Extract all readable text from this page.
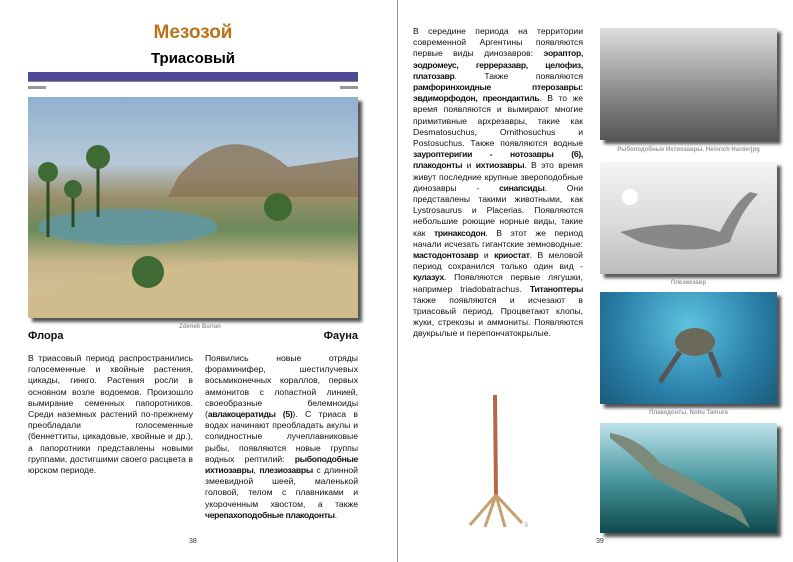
Мезозой
Триасовый
Zdenek Burian
Флора	Фауна
В триасовый период распространились голосеменные и хвойные растения, цикады, гинкго. Растения росли в основном возле водоемов. Произошло вымирание семенных папоротников. Среди наземных растений по-прежнему преобладали голосеменные (беннеттиты, цикадовые, хвойные и др.), а папоротники представлены новыми группами, достигшими своего расцвета в юрском периоде.
Появились новые отряды фораминифер, шестилучевых восьмиконечных кораллов, первых аммонитов с лопастной линией, своеобразные белемноиды (авлакоцератиды (5)). С триаса в водах начинают преобладать акулы и солидностные лучеплавниковые рыбы, появляются новые группы водных рептилий: рыбоподобные ихтиозавры, плезиозавры с длинной змеевидной шеей, маленькой головой, телом с плавниками и укороченным хвостом, а также черепахоподобные плакодонты.
38
В середине периода на территории современной Аргентины появляются первые виды динозавров: эораптор, эодромеус, герреразавр, целофиз, платозавр. Также появляются рамфоринхоидные птерозавры: эвдиморфодон, преондактиль. В то же время появляются и вымирают многие примитивные архрезавры, такие как Desmatosuchus, Ornithosuchus и Postosuchus. Также появляются водные зауроптеригии - нотозавры (6), плакодонты и ихтиозавры. В это время живут последние крупные звероподобные динозавры - синапсиды. Они представлены такими животными, как Lystrosaurus и Placerias. Появляются небольшие роющие норные виды, такие как тринаксодон. В этот же период начали исчезать гигантские земноводные: мастодонтозавр и криостат. В меловой период сохранился только один вид - кулазух. Появляются первые лягушки, например triadobatrachus. Титаноптеры также появляются и исчезают в триасовый период. Процветают клопы, жуки, стрекозы и аммониты. Появляются двукрылые и перепончатокрылые.
5
Рыбоподобные Ихтиозавры. Heinrich Harderjpg
Плезиозавр
Плакодонты. Nobu Tamura
6
39
